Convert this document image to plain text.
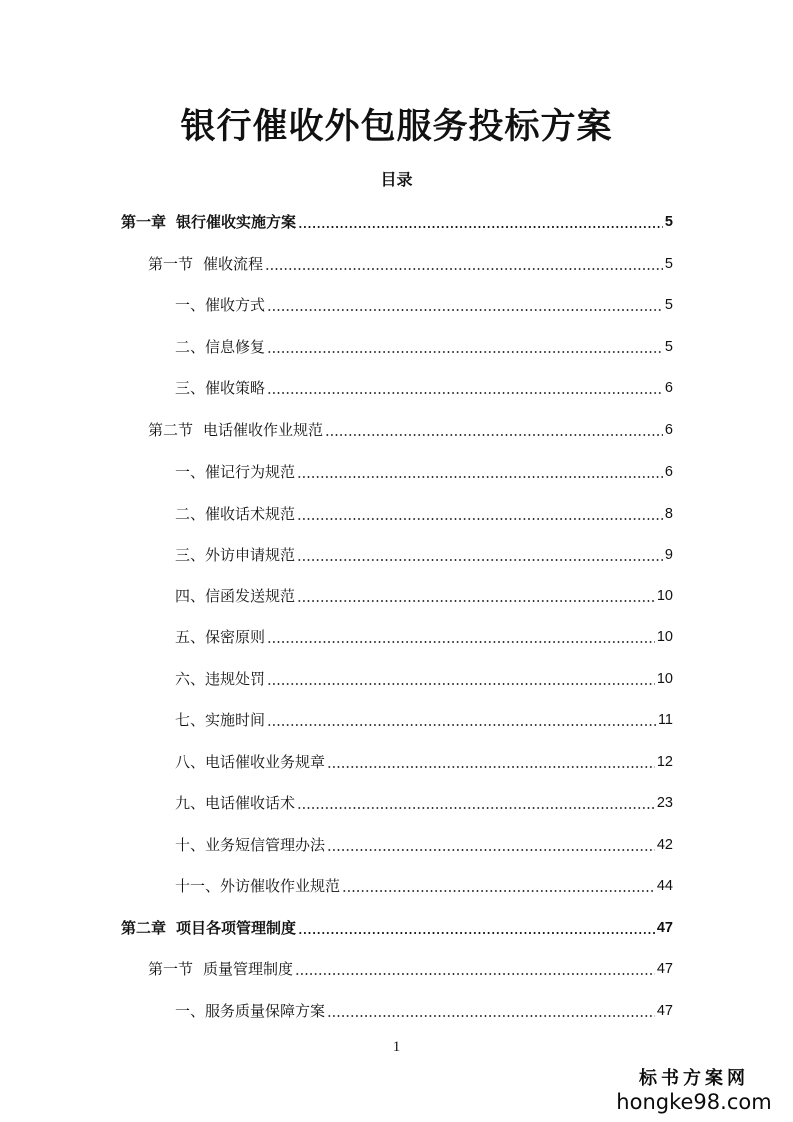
银行催收外包服务投标方案
目录
第一章 银行催收实施方案	5
第一节 催收流程	5
一、催收方式	5
二、信息修复	5
三、催收策略	6
第二节 电话催收作业规范	6
一、催记行为规范	6
二、催收话术规范	8
三、外访申请规范	9
四、信函发送规范	10
五、保密原则	10
六、违规处罚	10
七、实施时间	11
八、电话催收业务规章	12
九、电话催收话术	23
十、业务短信管理办法	42
十一、外访催收作业规范	44
第二章 项目各项管理制度	47
第一节 质量管理制度	47
一、服务质量保障方案	47
1
标书方案网
hongke98.com
